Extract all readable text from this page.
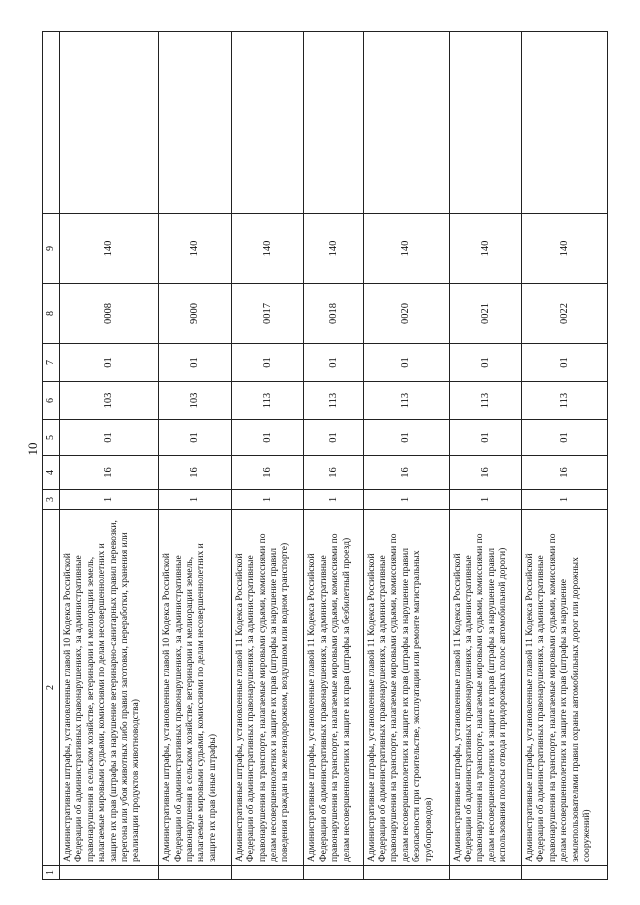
10
1	2	3	4	5	6	7	8	9	
	Административные штрафы, установленные главой 10 Кодекса Российской Федерации об административных правонарушениях, за административные правонарушения в сельском хозяйстве, ветеринарии и мелиорации земель, налагаемые мировыми судьями, комиссиями по делам несовершеннолетних и защите их прав (штрафы за нарушение ветеринарно-санитарных правил перевозки, перегона или убоя животных либо правил заготовки, переработки, хранения или реализации продуктов животноводства)	1	16	01	103	01	0008	140	
	Административные штрафы, установленные главой 10 Кодекса Российской Федерации об административных правонарушениях, за административные правонарушения в сельском хозяйстве, ветеринарии и мелиорации земель, налагаемые мировыми судьями, комиссиями по делам несовершеннолетних и защите их прав (иные штрафы)	1	16	01	103	01	9000	140	
	Административные штрафы, установленные главой 11 Кодекса Российской Федерации об административных правонарушениях, за административные правонарушения на транспорте, налагаемые мировыми судьями, комиссиями по делам несовершеннолетних и защите их прав (штрафы за нарушение правил поведения граждан на железнодорожном, воздушном или водном транспорте)	1	16	01	113	01	0017	140	
	Административные штрафы, установленные главой 11 Кодекса Российской Федерации об административных правонарушениях, за административные правонарушения на транспорте, налагаемые мировыми судьями, комиссиями по делам несовершеннолетних и защите их прав (штрафы за безбилетный проезд)	1	16	01	113	01	0018	140	
	Административные штрафы, установленные главой 11 Кодекса Российской Федерации об административных правонарушениях, за административные правонарушения на транспорте, налагаемые мировыми судьями, комиссиями по делам несовершеннолетних и защите их прав (штрафы за нарушение правил безопасности при строительстве, эксплуатации или ремонте магистральных трубопроводов)	1	16	01	113	01	0020	140	
	Административные штрафы, установленные главой 11 Кодекса Российской Федерации об административных правонарушениях, за административные правонарушения на транспорте, налагаемые мировыми судьями, комиссиями по делам несовершеннолетних и защите их прав (штрафы за нарушение правил использования полосы отвода и придорожных полос автомобильной дороги)	1	16	01	113	01	0021	140	
	Административные штрафы, установленные главой 11 Кодекса Российской Федерации об административных правонарушениях, за административные правонарушения на транспорте, налагаемые мировыми судьями, комиссиями по делам несовершеннолетних и защите их прав (штрафы за нарушение землепользователями правил охраны автомобильных дорог или дорожных сооружений)	1	16	01	113	01	0022	140	
